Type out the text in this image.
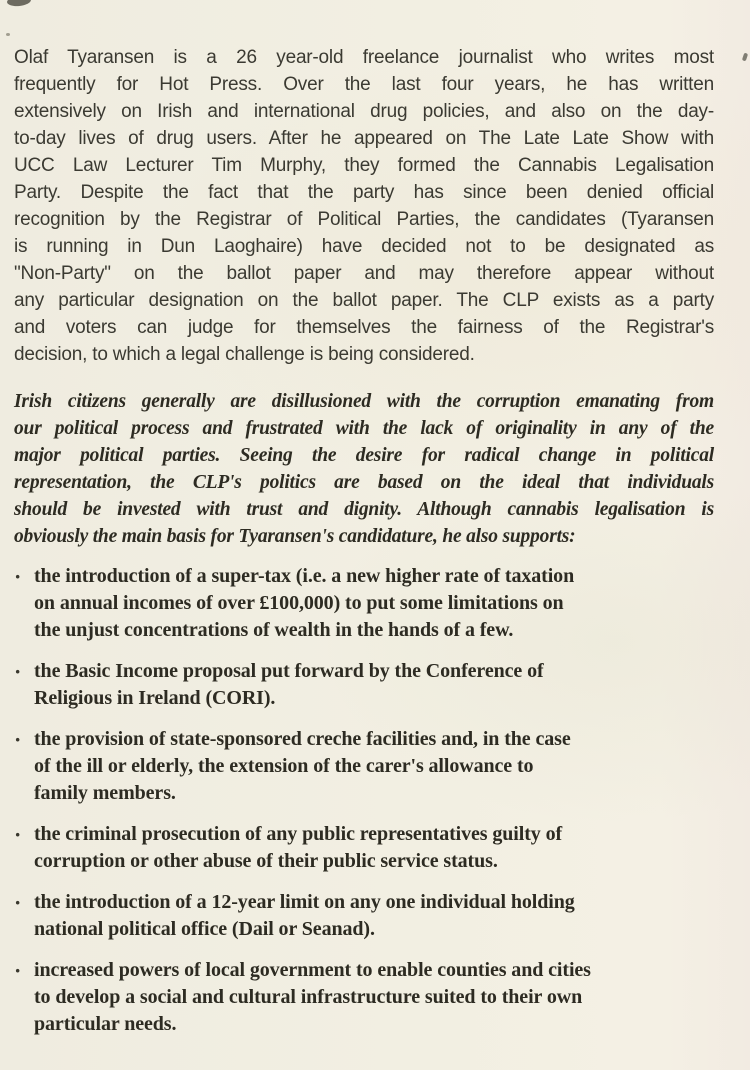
Olaf Tyaransen is a 26 year-old freelance journalist who writes most
frequently for Hot Press. Over the last four years, he has written
extensively on Irish and international drug policies, and also on the day-
to-day lives of drug users. After he appeared on The Late Late Show with
UCC Law Lecturer Tim Murphy, they formed the Cannabis Legalisation
Party. Despite the fact that the party has since been denied official
recognition by the Registrar of Political Parties, the candidates (Tyaransen
is running in Dun Laoghaire) have decided not to be designated as
"Non-Party" on the ballot paper and may therefore appear without
any particular designation on the ballot paper. The CLP exists as a party
and voters can judge for themselves the fairness of the Registrar's
decision, to which a legal challenge is being considered.
Irish citizens generally are disillusioned with the corruption emanating from
our political process and frustrated with the lack of originality in any of the
major political parties. Seeing the desire for radical change in political
representation, the CLP's politics are based on the ideal that individuals
should be invested with trust and dignity. Although cannabis legalisation is
obviously the main basis for Tyaransen's candidature, he also supports:
· the introduction of a super-tax (i.e. a new higher rate of taxation
on annual incomes of over £100,000) to put some limitations on
the unjust concentrations of wealth in the hands of a few.
· the Basic Income proposal put forward by the Conference of
Religious in Ireland (CORI).
· the provision of state-sponsored creche facilities and, in the case
of the ill or elderly, the extension of the carer's allowance to
family members.
· the criminal prosecution of any public representatives guilty of
corruption or other abuse of their public service status.
· the introduction of a 12-year limit on any one individual holding
national political office (Dail or Seanad).
· increased powers of local government to enable counties and cities
to develop a social and cultural infrastructure suited to their own
particular needs.
